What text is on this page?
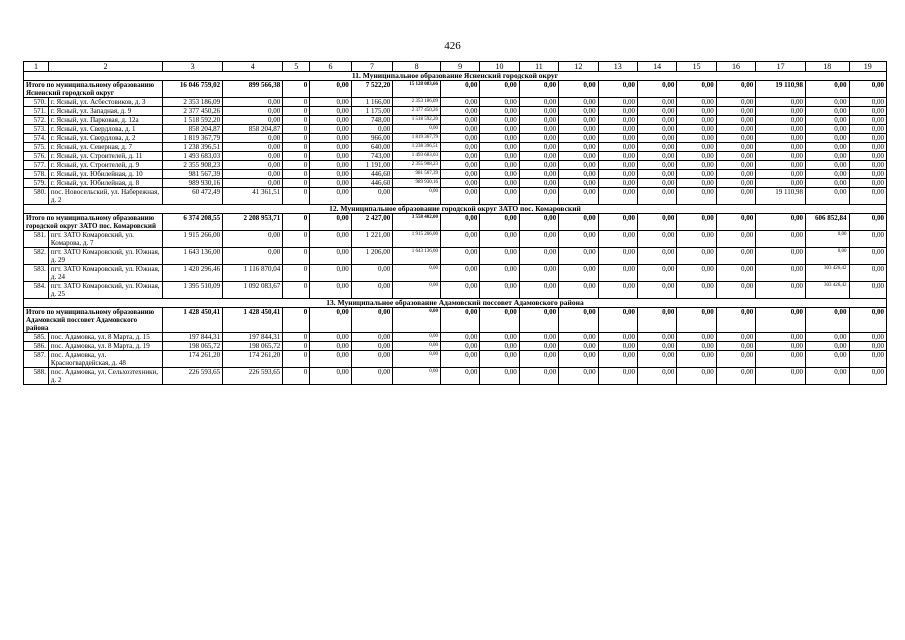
426
1	2	3	4	5	6	7	8	9	10	11	12	13	14	15	16	17	18	19
11. Муниципальное образование Ясненский городской округ																		
Итого по муниципальному образованию Ясненский городской округ		16 046 759,02	899 566,38	0	0,00	7 522,20	15 128 083,66	0,00	0,00	0,00	0,00	0,00	0,00	0,00	0,00	19 110,98	0,00	0,00
570.	г. Ясный, ул. Асбестовиков, д. 3	2 353 186,09	0,00	0	0,00	1 166,00	2 353 186,09	0,00	0,00	0,00	0,00	0,00	0,00	0,00	0,00	0,00	0,00	0,00
571.	г. Ясный, ул. Западная, д. 9	2 377 450,26	0,00	0	0,00	1 175,00	2 377 450,26	0,00	0,00	0,00	0,00	0,00	0,00	0,00	0,00	0,00	0,00	0,00
572.	г. Ясный, ул. Парковая, д. 12а	1 518 592,20	0,00	0	0,00	748,00	1 518 592,20	0,00	0,00	0,00	0,00	0,00	0,00	0,00	0,00	0,00	0,00	0,00
573.	г. Ясный, ул. Свердлова, д. 1	858 204,87	858 204,87	0	0,00	0,00	0,00	0,00	0,00	0,00	0,00	0,00	0,00	0,00	0,00	0,00	0,00	0,00
574.	г. Ясный, ул. Свердлова, д. 2	1 819 367,79	0,00	0	0,00	966,00	1 819 367,79	0,00	0,00	0,00	0,00	0,00	0,00	0,00	0,00	0,00	0,00	0,00
575.	г. Ясный, ул. Северная, д. 7	1 238 396,51	0,00	0	0,00	640,00	1 238 396,51	0,00	0,00	0,00	0,00	0,00	0,00	0,00	0,00	0,00	0,00	0,00
576.	г. Ясный, ул. Строителей, д. 11	1 493 683,03	0,00	0	0,00	743,00	1 493 683,03	0,00	0,00	0,00	0,00	0,00	0,00	0,00	0,00	0,00	0,00	0,00
577.	г. Ясный, ул. Строителей, д. 9	2 355 908,23	0,00	0	0,00	1 191,00	2 355 908,23	0,00	0,00	0,00	0,00	0,00	0,00	0,00	0,00	0,00	0,00	0,00
578.	г. Ясный, ул. Юбилейная, д. 10	981 567,39	0,00	0	0,00	446,60	981 567,39	0,00	0,00	0,00	0,00	0,00	0,00	0,00	0,00	0,00	0,00	0,00
579.	г. Ясный, ул. Юбилейная, д. 8	989 930,16	0,00	0	0,00	446,60	989 930,16	0,00	0,00	0,00	0,00	0,00	0,00	0,00	0,00	0,00	0,00	0,00
580.	пос. Новосельский, ул. Набережная, д. 2	60 472,49	41 361,51	0	0,00	0,00	0,00	0,00	0,00	0,00	0,00	0,00	0,00	0,00	0,00	19 110,98	0,00	0,00
12. Муниципальное образование городской округ ЗАТО пос. Комаровский																		
Итого по муниципальному образованию городской округ ЗАТО пос. Комаровский		6 374 208,55	2 208 953,71	0	0,00	2 427,00	3 558 402,00	0,00	0,00	0,00	0,00	0,00	0,00	0,00	0,00	0,00	606 852,84	0,00
581.	пгт. ЗАТО Комаровский, ул. Комарова, д. 7	1 915 266,00	0,00	0	0,00	1 221,00	1 915 266,00	0,00	0,00	0,00	0,00	0,00	0,00	0,00	0,00	0,00	0,00	0,00
582.	пгт. ЗАТО Комаровский, ул. Южная, д. 29	1 643 136,00	0,00	0	0,00	1 206,00	1 643 136,00	0,00	0,00	0,00	0,00	0,00	0,00	0,00	0,00	0,00	0,00	0,00
583.	пгт. ЗАТО Комаровский, ул. Южная, д. 24	1 420 296,46	1 116 870,04	0	0,00	0,00	0,00	0,00	0,00	0,00	0,00	0,00	0,00	0,00	0,00	0,00	303 426,42	0,00
584.	пгт. ЗАТО Комаровский, ул. Южная, д. 25	1 395 510,09	1 092 083,67	0	0,00	0,00	0,00	0,00	0,00	0,00	0,00	0,00	0,00	0,00	0,00	0,00	303 426,42	0,00
13. Муниципальное образование Адамовский поссовет Адамовского района																		
Итого по муниципальному образованию Адамовский поссовет Адамовского района		1 428 450,41	1 428 450,41	0	0,00	0,00	0,00	0,00	0,00	0,00	0,00	0,00	0,00	0,00	0,00	0,00	0,00	0,00
585.	пос. Адамовка, ул. 8 Марта, д. 15	197 844,31	197 844,31	0	0,00	0,00	0,00	0,00	0,00	0,00	0,00	0,00	0,00	0,00	0,00	0,00	0,00	0,00
586.	пос. Адамовка, ул. 8 Марта, д. 19	198 065,72	198 065,72	0	0,00	0,00	0,00	0,00	0,00	0,00	0,00	0,00	0,00	0,00	0,00	0,00	0,00	0,00
587.	пос. Адамовка, ул. Красногвардейская, д. 48	174 261,20	174 261,20	0	0,00	0,00	0,00	0,00	0,00	0,00	0,00	0,00	0,00	0,00	0,00	0,00	0,00	0,00
588.	пос. Адамовка, ул. Сельхозтехники, д. 2	226 593,65	226 593,65	0	0,00	0,00	0,00	0,00	0,00	0,00	0,00	0,00	0,00	0,00	0,00	0,00	0,00	0,00
